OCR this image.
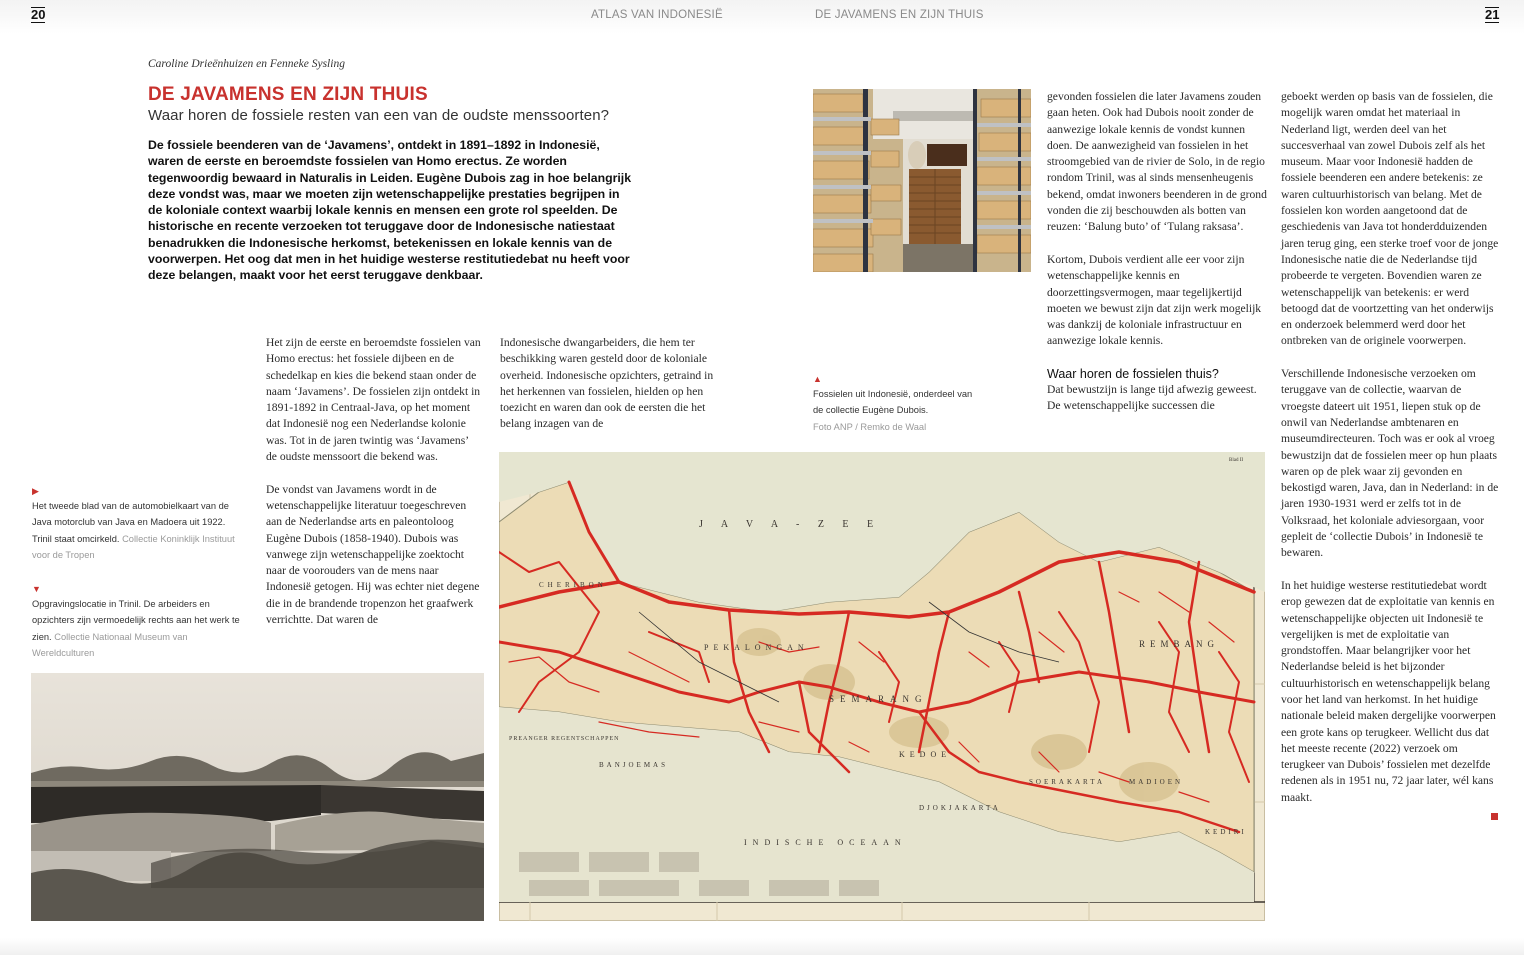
20	ATLAS VAN INDONESIË	DE JAVAMENS EN ZIJN THUIS	21
Caroline Drieënhuizen en Fenneke Sysling
DE JAVAMENS EN ZIJN THUIS
Waar horen de fossiele resten van een van de oudste menssoorten?
De fossiele beenderen van de ‘Javamens’, ontdekt in 1891–1892 in Indonesië, waren de eerste en beroemdste fossielen van Homo erectus. Ze worden tegenwoordig bewaard in Naturalis in Leiden. Eugène Dubois zag in hoe belangrijk deze vondst was, maar we moeten zijn wetenschappelijke prestaties begrijpen in de koloniale context waarbij lokale kennis en mensen een grote rol speelden. De historische en recente verzoeken tot teruggave door de Indonesische natiestaat benadrukken die Indonesische herkomst, betekenissen en lokale kennis van de voorwerpen. Het oog dat men in het huidige westerse restitutiedebat nu heeft voor deze belangen, maakt voor het eerst teruggave denkbaar.

Het zijn de eerste en beroemdste fossielen van Homo erectus: het fossiele dijbeen en de schedelkap en kies die bekend staan onder de naam ‘Javamens’. De fossielen zijn ontdekt in 1891-1892 in Centraal-Java, op het moment dat Indonesië nog een Nederlandse kolonie was. Tot in de jaren twintig was ‘Javamens’ de oudste menssoort die bekend was.

De vondst van Javamens wordt in de wetenschappelijke literatuur toegeschreven aan de Nederlandse arts en paleontoloog Eugène Dubois (1858-1940). Dubois was vanwege zijn wetenschappelijke zoektocht naar de voorouders van de mens naar Indonesië getogen. Hij was echter niet degene die in de brandende tropenzon het graafwerk verrichtte. Dat waren de

Indonesische dwangarbeiders, die hem ter beschikking waren gesteld door de koloniale overheid. Indonesische opzichters, getraind in het herkennen van fossielen, hielden op hen toezicht en waren dan ook de eersten die het belang inzagen van de

gevonden fossielen die later Javamens zouden gaan heten. Ook had Dubois nooit zonder de aanwezige lokale kennis de vondst kunnen doen. De aanwezigheid van fossielen in het stroomgebied van de rivier de Solo, in de regio rondom Trinil, was al sinds mensenheugenis bekend, omdat inwoners beenderen in de grond vonden die zij beschouwden als botten van reuzen: ‘Balung buto’ of ‘Tulang raksasa’.

Kortom, Dubois verdient alle eer voor zijn wetenschappelijke kennis en doorzettingsvermogen, maar tegelijkertijd moeten we bewust zijn dat zijn werk mogelijk was dankzij de koloniale infrastructuur en aanwezige lokale kennis.

Waar horen de fossielen thuis?

Dat bewustzijn is lange tijd afwezig geweest. De wetenschappelijke successen die

geboekt werden op basis van de fossielen, die mogelijk waren omdat het materiaal in Nederland ligt, werden deel van het succesverhaal van zowel Dubois zelf als het museum. Maar voor Indonesië hadden de fossiele beenderen een andere betekenis: ze waren cultuurhistorisch van belang. Met de fossielen kon worden aangetoond dat de geschiedenis van Java tot honderdduizenden jaren terug ging, een sterke troef voor de jonge Indonesische natie die de Nederlandse tijd probeerde te vergeten. Bovendien waren ze wetenschappelijk van betekenis: er werd betoogd dat de voortzetting van het onderwijs en onderzoek belemmerd werd door het ontbreken van de originele voorwerpen.

Verschillende Indonesische verzoeken om teruggave van de collectie, waarvan de vroegste dateert uit 1951, liepen stuk op de onwil van Nederlandse ambtenaren en museumdirecteuren. Toch was er ook al vroeg bewustzijn dat de fossielen meer op hun plaats waren op de plek waar zij gevonden en bekostigd waren, Java, dan in Nederland: in de jaren 1930-1931 werd er zelfs tot in de Volksraad, het koloniale adviesorgaan, voor gepleit de ‘collectie Dubois’ in Indonesië te bewaren.

In het huidige westerse restitutiedebat wordt erop gewezen dat de exploitatie van kennis en wetenschappelijke objecten uit Indonesië te vergelijken is met de exploitatie van grondstoffen. Maar belangrijker voor het Nederlandse beleid is het bijzonder cultuurhistorisch en wetenschappelijk belang voor het land van herkomst. In het huidige nationale beleid maken dergelijke voorwerpen een grote kans op terugkeer. Wellicht dus dat het meeste recente (2022) verzoek om terugkeer van Dubois’ fossielen met dezelfde redenen als in 1951 nu, 72 jaar later, wél kans maakt.

▶
Het tweede blad van de automobielkaart van de Java motorclub van Java en Madoera uit 1922. Trinil staat omcirkeld. Collectie Koninklijk Instituut voor de Tropen
▼
Opgravingslocatie in Trinil. De arbeiders en opzichters zijn vermoedelijk rechts aan het werk te zien. Collectie Nationaal Museum van Wereldculturen
▲
Fossielen uit Indonesië, onderdeel van de collectie Eugène Dubois.
Foto ANP / Remko de Waal
J A V A - Z E E
INDISCHE OCEAAN
SEMARANG
REMBANG
PEKALONGAN
KEDOE
BANJOEMAS
PREANGER REGENTSCHAPPEN
CHERIBON
DJOKJAKARTA
SOERAKARTA	MADIOEN
KEDIRI
Blad II
